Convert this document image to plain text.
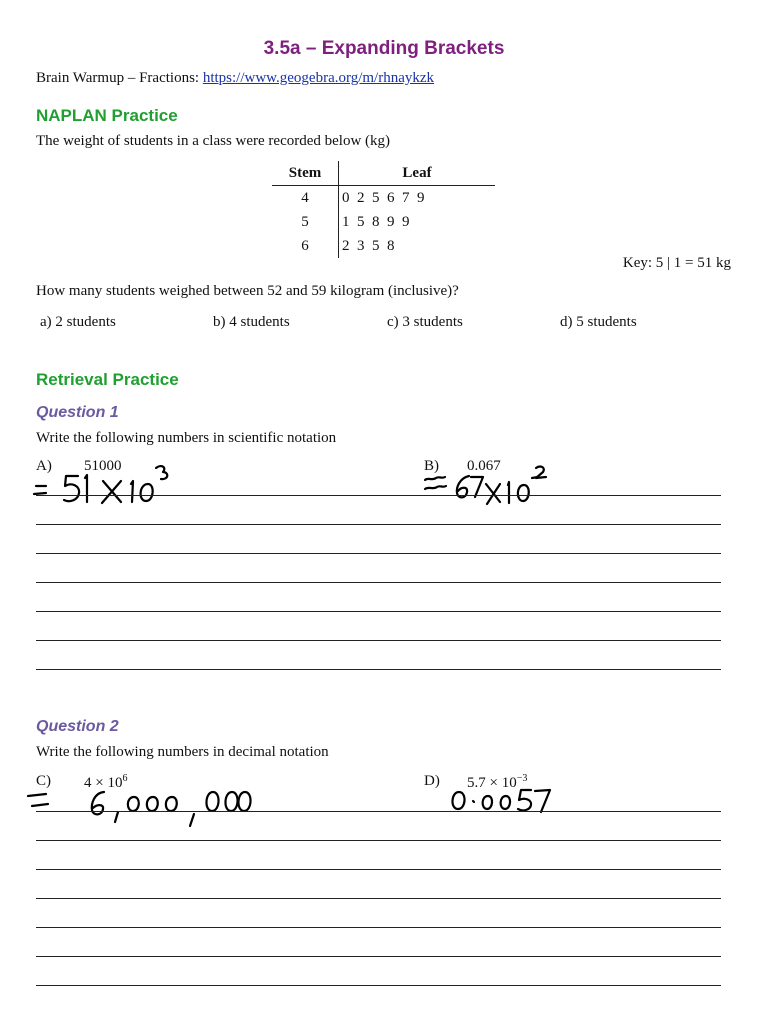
3.5a – Expanding Brackets
Brain Warmup – Fractions: https://www.geogebra.org/m/rhnaykzk
NAPLAN Practice
The weight of students in a class were recorded below (kg)
Stem	Leaf
4	0  2  5  6  7  9
5	1  5  8  9  9
6	2  3  5  8
Key: 5 | 1 = 51 kg
How many students weighed between 52 and 59 kilogram (inclusive)?
a) 2 students	b) 4 students	c) 3 students	d) 5 students
Retrieval Practice
Question 1
Write the following numbers in scientific notation
A) 51000	B) 0.067
Question 2
Write the following numbers in decimal notation
C) $4 \times 10^6$	D) $5.7 \times 10^{-3}$
